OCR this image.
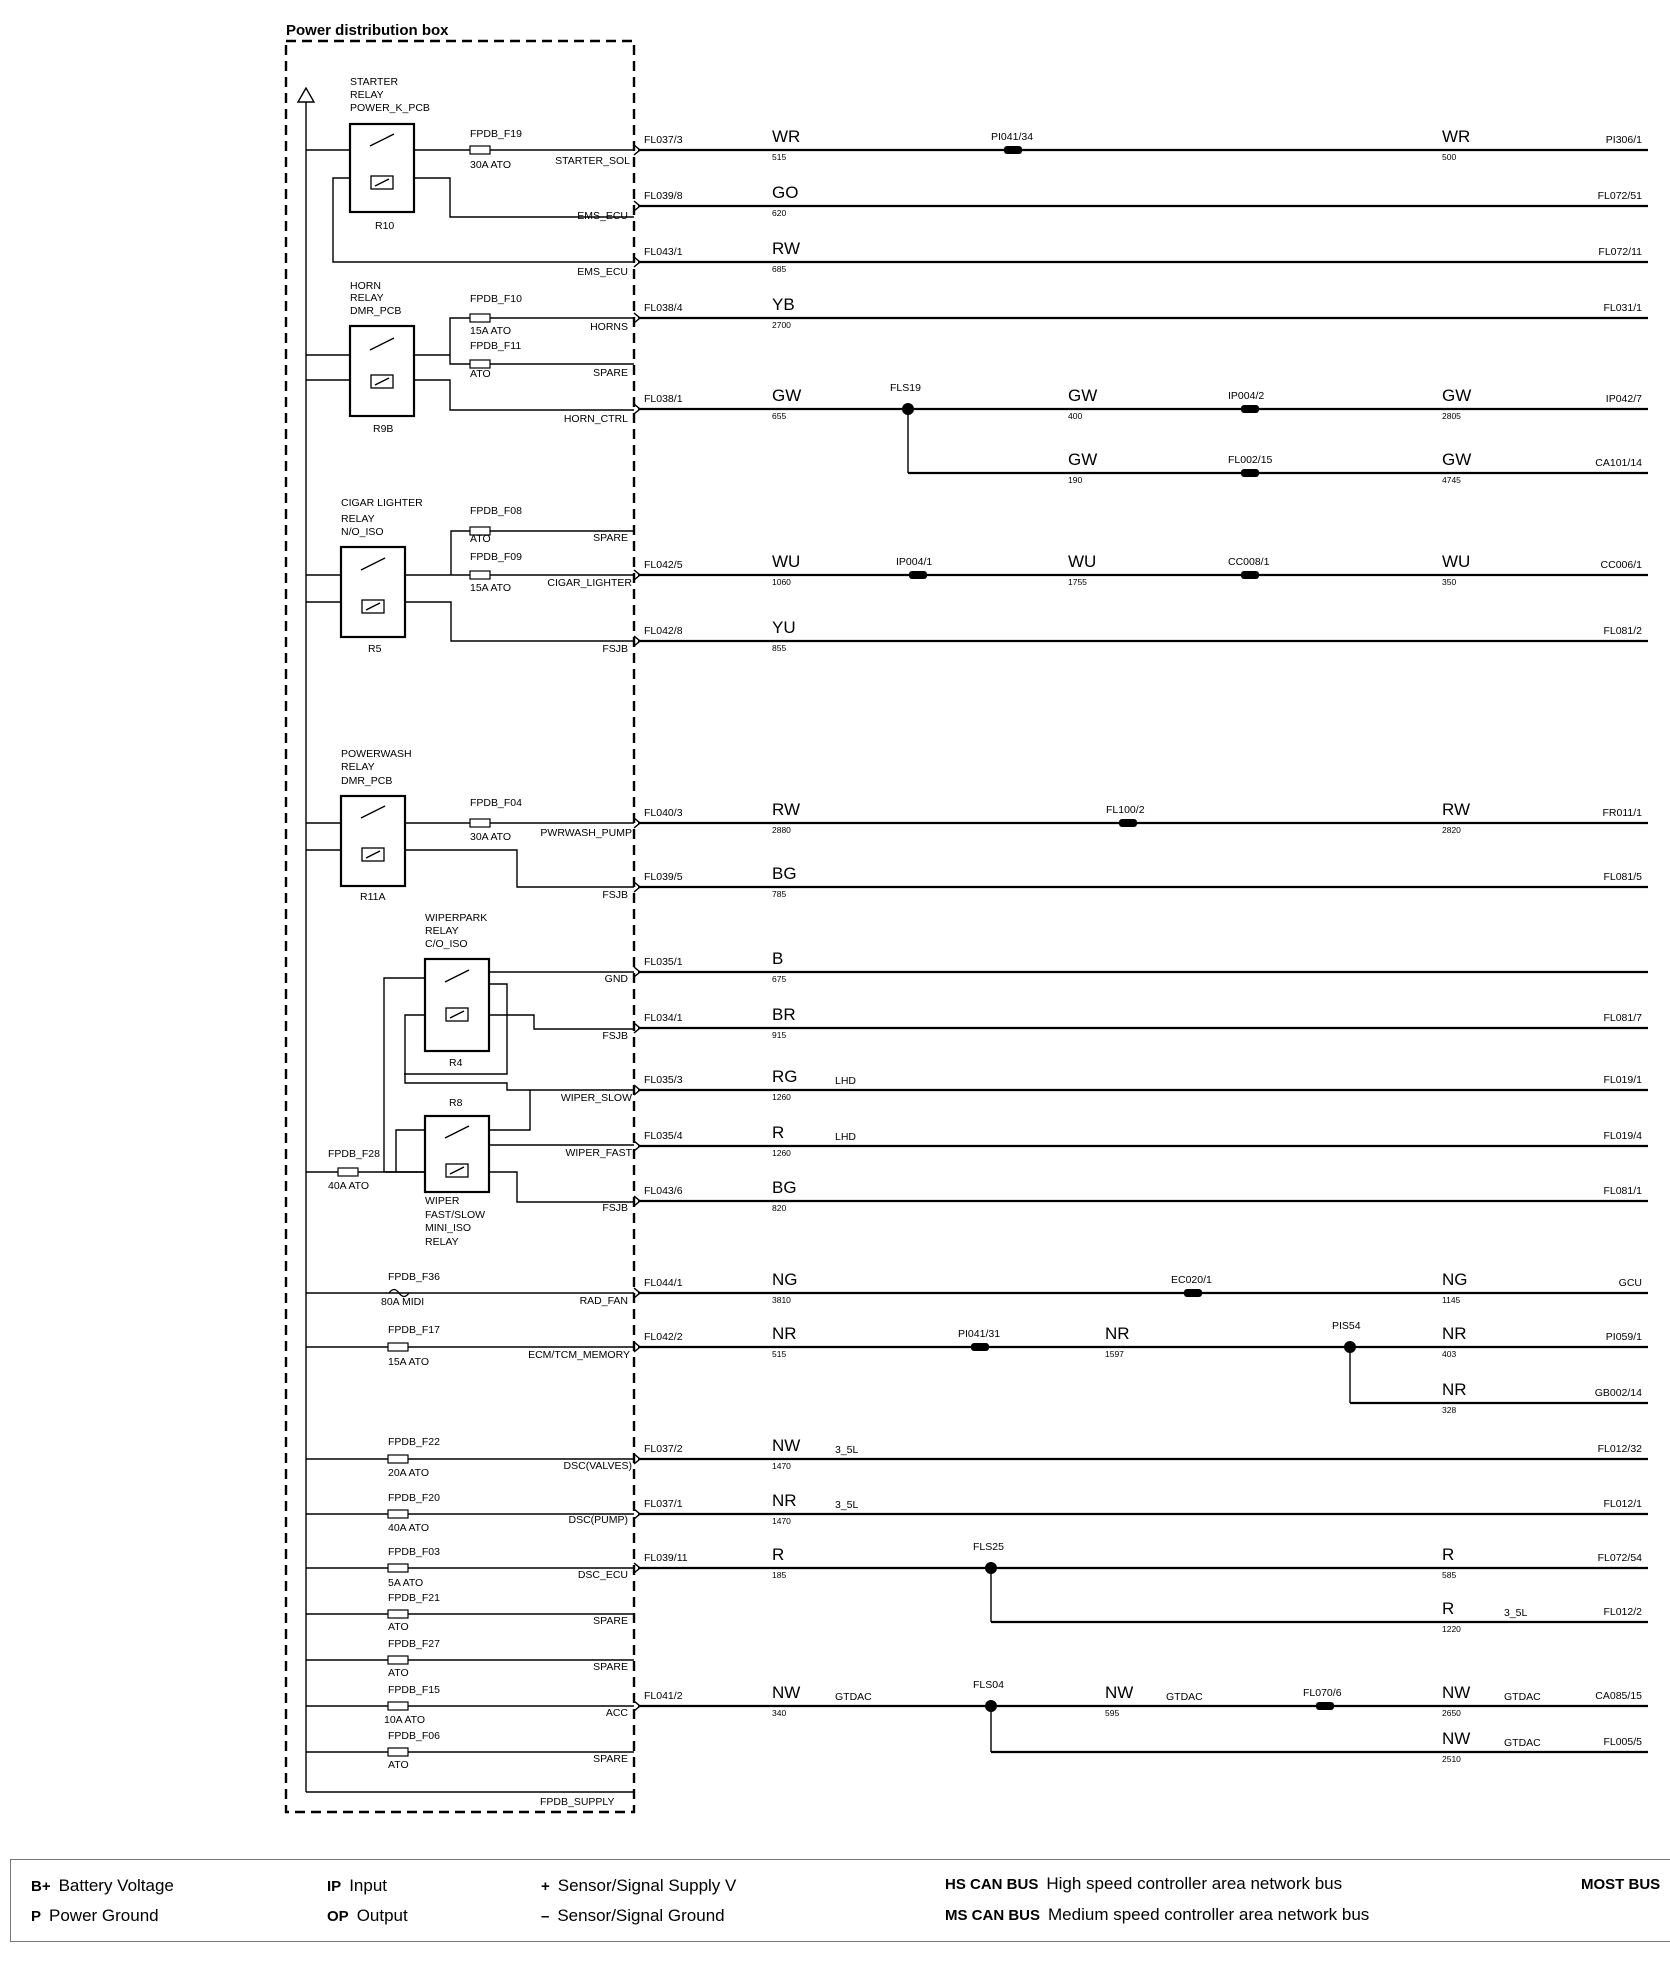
Power distribution box
FPDB_SUPPLY
STARTER
RELAY
POWER_K_PCB
R10
HORN
RELAY
DMR_PCB
R9B
CIGAR LIGHTER
RELAY
N/O_ISO
R5
POWERWASH
RELAY
DMR_PCB
R11A
WIPERPARK
RELAY
C/O_ISO
R4
R8
WIPER
FAST/SLOW
MINI_ISO
RELAY
FPDB_F19
30A ATO
FPDB_F10
15A ATO
FPDB_F11
ATO
FPDB_F08
ATO
FPDB_F09
15A ATO
FPDB_F04
30A ATO
FPDB_F28
40A ATO
FPDB_F36
80A MIDI
FPDB_F17
15A ATO
FPDB_F22
20A ATO
FPDB_F20
40A ATO
FPDB_F03
5A ATO
FPDB_F21
ATO
FPDB_F27
ATO
FPDB_F15
10A ATO
FPDB_F06
ATO
STARTER_SOL
EMS_ECU
EMS_ECU
HORNS
SPARE
HORN_CTRL
SPARE
CIGAR_LIGHTER
FSJB
PWRWASH_PUMP
FSJB
GND
FSJB
WIPER_SLOW
WIPER_FAST
FSJB
RAD_FAN
ECM/TCM_MEMORY
DSC(VALVES)
DSC(PUMP)
DSC_ECU
SPARE
SPARE
ACC
SPARE
FL037/3	WR
515
PI041/34	WR
500
PI306/1
FL039/8	GO
620
FL072/51
FL043/1	RW
685
FL072/11
FL038/4	YB
2700
FL031/1
FL038/1	GW
655
FLS19
IP004/2
GW
400
GW
2805
IP042/7
GW
190
FL002/15	GW
4745
CA101/14
FL042/5	WU
1060
IP004/1	CC008/1
WU
1755
WU
350
CC006/1
FL042/8	YU
855
FL081/2
FL040/3	RW
2880
FL100/2	RW
2820
FR011/1
FL039/5	BG
785
FL081/5
FL035/1	B
675
FL034/1	BR
915
FL081/7
FL035/3	RG
1260
LHD	FL019/1
FL035/4	R
1260
LHD	FL019/4
FL043/6	BG
820
FL081/1
FL044/1	NG
3810
EC020/1	NG
1145
GCU
FL042/2	NR
515
PIS54
PI041/31	NR
1597
NR
403
PI059/1
NR
328
GB002/14
FL037/2	NW
1470
3_5L	FL012/32
FL037/1	NR
1470
3_5L	FL012/1
FL039/11	R
185
FLS25	R
585
FL072/54
R
1220
3_5L	FL012/2
FL041/2	NW
340
GTDAC
FLS04
FL070/6
NW
595
GTDAC	NW
2650
GTDAC	CA085/15
NW
2510
GTDAC	FL005/5
B+ Battery Voltage
P Power Ground
IP Input
OP Output
+ Sensor/Signal Supply V
– Sensor/Signal Ground
HS CAN BUS High speed controller area network bus
MS CAN BUS Medium speed controller area network bus
MOST BUS
